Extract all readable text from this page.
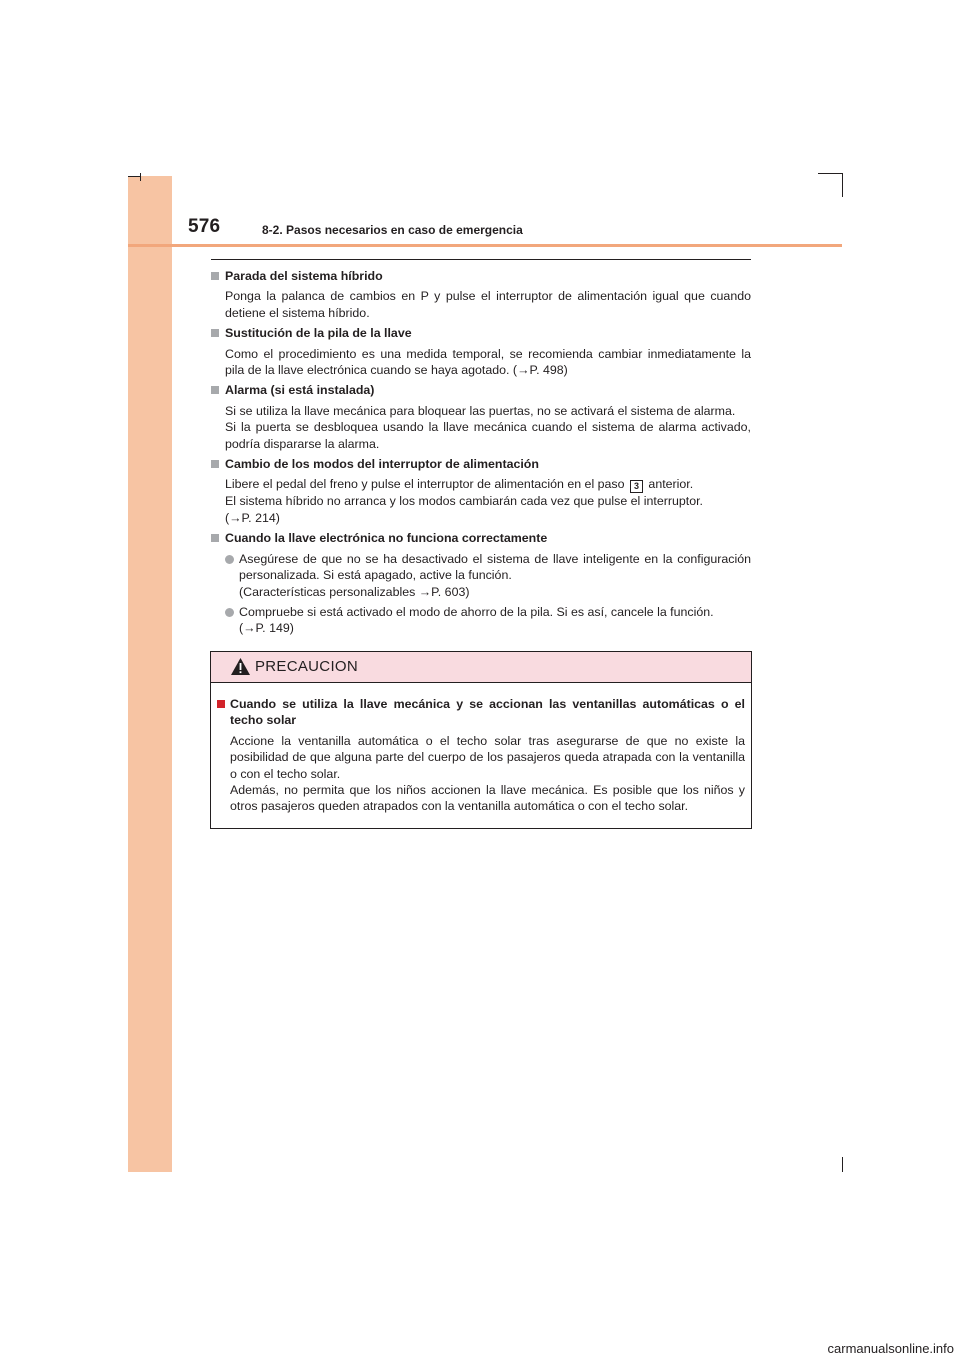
576	8-2. Pasos necesarios en caso de emergencia
Parada del sistema híbrido

Ponga la palanca de cambios en P y pulse el interruptor de alimentación igual que cuando detiene el sistema híbrido.

Sustitución de la pila de la llave

Como el procedimiento es una medida temporal, se recomienda cambiar inmediatamente la pila de la llave electrónica cuando se haya agotado. (→P. 498)

Alarma (si está instalada)

Si se utiliza la llave mecánica para bloquear las puertas, no se activará el sistema de alarma.

Si la puerta se desbloquea usando la llave mecánica cuando el sistema de alarma activado, podría dispararse la alarma.

Cambio de los modos del interruptor de alimentación

Libere el pedal del freno y pulse el interruptor de alimentación en el paso 3 anterior.

El sistema híbrido no arranca y los modos cambiarán cada vez que pulse el interruptor.

(→P. 214)

Cuando la llave electrónica no funciona correctamente

Asegúrese de que no se ha desactivado el sistema de llave inteligente en la configuración personalizada. Si está apagado, active la función.

(Características personalizables →P. 603)

Compruebe si está activado el modo de ahorro de la pila. Si es así, cancele la función.

(→P. 149)

PRECAUCION
Cuando se utiliza la llave mecánica y se accionan las ventanillas automáticas o el techo solar

Accione la ventanilla automática o el techo solar tras asegurarse de que no existe la posibilidad de que alguna parte del cuerpo de los pasajeros queda atrapada con la ventanilla o con el techo solar.

Además, no permita que los niños accionen la llave mecánica. Es posible que los niños y otros pasajeros queden atrapados con la ventanilla automática o con el techo solar.

carmanualsonline.info
